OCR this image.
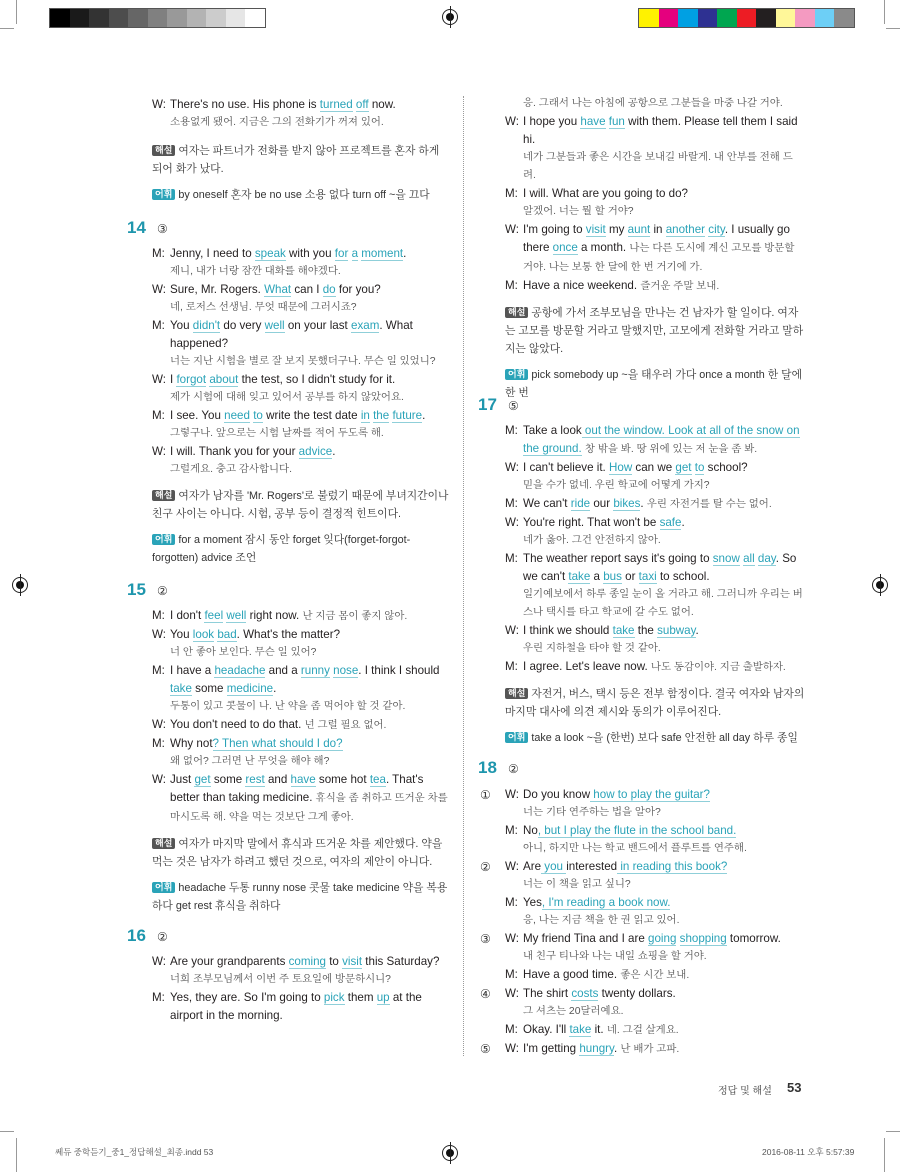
W: There's no use. His phone is turned off now.
소용없게 됐어. 지금은 그의 전화기가 꺼져 있어.
해설 여자는 파트너가 전화를 받지 않아 프로젝트를 혼자 하게 되어 화가 났다.
어휘 by oneself 혼자 be no use 소용 없다 turn off ~을 끄다
14 ③
M: Jenny, I need to speak with you for a moment.
제니, 내가 너랑 잠깐 대화를 해야겠다.
W: Sure, Mr. Rogers. What can I do for you?
네, 로저스 선생님. 무엇 때문에 그러시죠?
M: You didn't do very well on your last exam. What happened?
너는 지난 시험을 별로 잘 보지 못했더구나. 무슨 일 있었니?
W: I forgot about the test, so I didn't study for it.
제가 시험에 대해 잊고 있어서 공부를 하지 않았어요.
M: I see. You need to write the test date in the future.
그렇구나. 앞으로는 시험 날짜를 적어 두도록 해.
W: I will. Thank you for your advice.
그럴게요. 충고 감사합니다.
해설 여자가 남자를 'Mr. Rogers'로 불렀기 때문에 부녀지간이나 친구 사이는 아니다. 시험, 공부 등이 결정적 힌트이다.
어휘 for a moment 잠시 동안 forget 잊다(forget-forgot-forgotten) advice 조언
15 ②
M: I don't feel well right now. 난 지금 몸이 좋지 않아.
W: You look bad. What's the matter?
너 안 좋아 보인다. 무슨 일 있어?
M: I have a headache and a runny nose. I think I should take some medicine.
두통이 있고 콧물이 나. 난 약을 좀 먹어야 할 것 같아.
W: You don't need to do that. 넌 그럴 필요 없어.
M: Why not? Then what should I do?
왜 없어? 그러면 난 무엇을 해야 해?
W: Just get some rest and have some hot tea. That's better than taking medicine. 휴식을 좀 취하고 뜨거운 차를 마시도록 해. 약을 먹는 것보단 그게 좋아.
해설 여자가 마지막 말에서 휴식과 뜨거운 차를 제안했다. 약을 먹는 것은 남자가 하려고 했던 것으로, 여자의 제안이 아니다.
어휘 headache 두통 runny nose 콧물 take medicine 약을 복용하다 get rest 휴식을 취하다
16 ②
W: Are your grandparents coming to visit this Saturday?
너희 조부모님께서 이번 주 토요일에 방문하시니?
M: Yes, they are. So I'm going to pick them up at the airport in the morning.
응. 그래서 나는 아침에 공항으로 그분들을 마중 나갈 거야.
W: I hope you have fun with them. Please tell them I said hi.
네가 그분들과 좋은 시간을 보내길 바랄게. 내 안부를 전해 드려.
M: I will. What are you going to do?
알겠어. 너는 뭘 할 거야?
W: I'm going to visit my aunt in another city. I usually go there once a month. 나는 다른 도시에 계신 고모를 방문할 거야. 나는 보통 한 달에 한 번 거기에 가.
M: Have a nice weekend. 즐거운 주말 보내.
해설 공항에 가서 조부모님을 만나는 건 남자가 할 일이다. 여자는 고모를 방문할 거라고 말했지만, 고모에게 전화할 거라고 말하지는 않았다.
어휘 pick somebody up ~을 태우러 가다 once a month 한 달에 한 번
17 ⑤
M: Take a look out the window. Look at all of the snow on the ground. 창 밖을 봐. 땅 위에 있는 저 눈을 좀 봐.
W: I can't believe it. How can we get to school?
믿을 수가 없네. 우린 학교에 어떻게 가지?
M: We can't ride our bikes. 우린 자전거를 탈 수는 없어.
W: You're right. That won't be safe.
네가 옳아. 그건 안전하지 않아.
M: The weather report says it's going to snow all day. So we can't take a bus or taxi to school.
일기예보에서 하루 종일 눈이 올 거라고 해. 그러니까 우리는 버스나 택시를 타고 학교에 갈 수도 없어.
W: I think we should take the subway.
우린 지하철을 타야 할 것 같아.
M: I agree. Let's leave now. 나도 동감이야. 지금 출발하자.
해설 자전거, 버스, 택시 등은 전부 함정이다. 결국 여자와 남자의 마지막 대사에 의견 제시와 동의가 이루어진다.
어휘 take a look ~을 (한번) 보다 safe 안전한 all day 하루 종일
18 ②
① W: Do you know how to play the guitar?
너는 기타 연주하는 법을 알아?
M: No, but I play the flute in the school band.
아니, 하지만 나는 학교 밴드에서 플루트를 연주해.
② W: Are you interested in reading this book?
너는 이 책을 읽고 싶니?
M: Yes, I'm reading a book now.
응, 나는 지금 책을 한 권 읽고 있어.
③ W: My friend Tina and I are going shopping tomorrow.
내 친구 티나와 나는 내일 쇼핑을 할 거야.
M: Have a good time. 좋은 시간 보내.
④ W: The shirt costs twenty dollars.
그 셔츠는 20달러예요.
M: Okay. I'll take it. 네. 그걸 살게요.
⑤ W: I'm getting hungry. 난 배가 고파.
정답 및 해설 53
쎄듀 중학듣기_중1_정답해설_최종.indd 53	2016-08-11 오후 5:57:39
